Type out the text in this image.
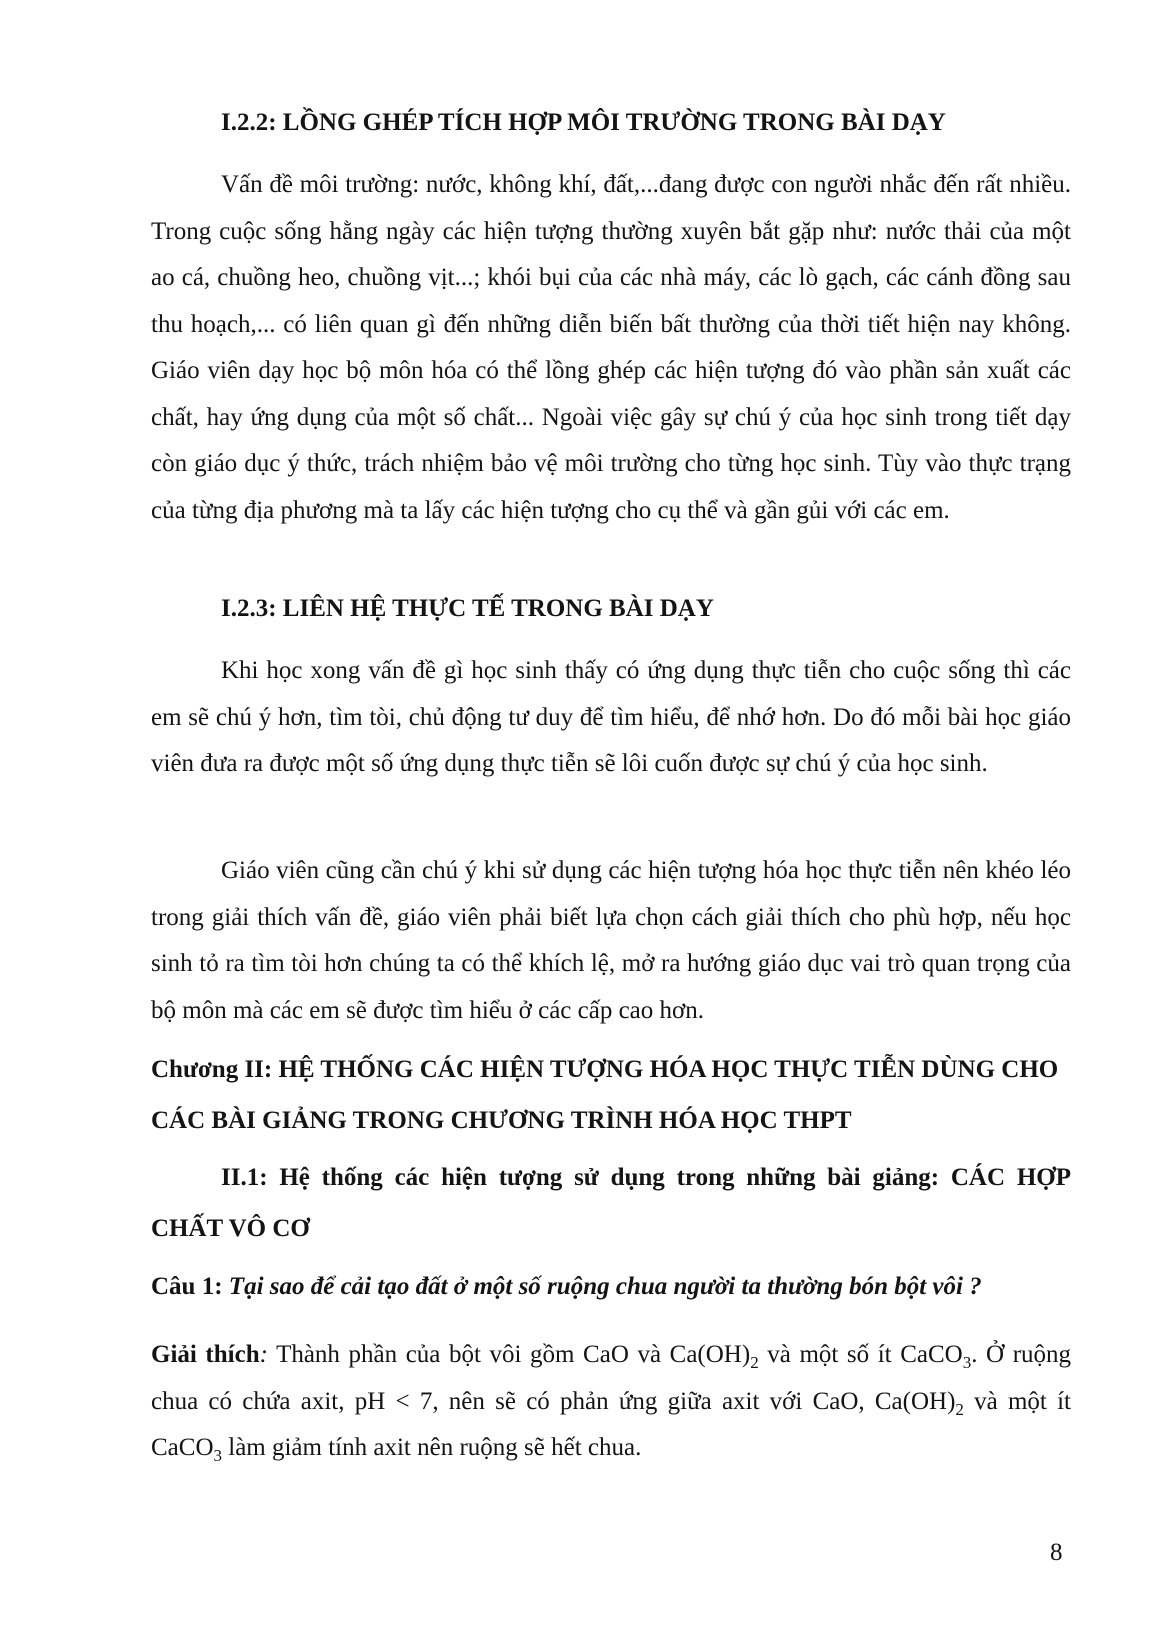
I.2.2: LỒNG GHÉP TÍCH HỢP MÔI TRƯỜNG TRONG BÀI DẠY

Vấn đề môi trường: nước, không khí, đất,...đang được con người nhắc đến rất nhiều. Trong cuộc sống hằng ngày các hiện tượng thường xuyên bắt gặp như: nước thải của một ao cá, chuồng heo, chuồng vịt...; khói bụi của các nhà máy, các lò gạch, các cánh đồng sau thu hoạch,... có liên quan gì đến những diễn biến bất thường của thời tiết hiện nay không. Giáo viên dạy học bộ môn hóa có thể lồng ghép các hiện tượng đó vào phần sản xuất các chất, hay ứng dụng của một số chất... Ngoài việc gây sự chú ý của học sinh trong tiết dạy còn giáo dục ý thức, trách nhiệm bảo vệ môi trường cho từng học sinh. Tùy vào thực trạng của từng địa phương mà ta lấy các hiện tượng cho cụ thể và gần gủi với các em.

I.2.3: LIÊN HỆ THỰC TẾ TRONG BÀI DẠY

Khi học xong vấn đề gì học sinh thấy có ứng dụng thực tiễn cho cuộc sống thì các em sẽ chú ý hơn, tìm tòi, chủ động tư duy để tìm hiểu, để nhớ hơn. Do đó mỗi bài học giáo viên đưa ra được một số ứng dụng thực tiễn sẽ lôi cuốn được sự chú ý của học sinh.

Giáo viên cũng cần chú ý khi sử dụng các hiện tượng hóa học thực tiễn nên khéo léo trong giải thích vấn đề, giáo viên phải biết lựa chọn cách giải thích cho phù hợp, nếu học sinh tỏ ra tìm tòi hơn chúng ta có thể khích lệ, mở ra hướng giáo dục vai trò quan trọng của bộ môn mà các em sẽ được tìm hiểu ở các cấp cao hơn.

Chương II: HỆ THỐNG CÁC HIỆN TƯỢNG HÓA HỌC THỰC TIỄN DÙNG CHO CÁC BÀI GIẢNG TRONG CHƯƠNG TRÌNH HÓA HỌC THPT

II.1: Hệ thống các hiện tượng sử dụng trong những bài giảng: CÁC HỢP CHẤT VÔ CƠ

Câu 1: Tại sao để cải tạo đất ở một số ruộng chua người ta thường bón bột vôi ?

Giải thích: Thành phần của bột vôi gồm CaO và $Ca(OH)_2$ và một số ít CaCO$_3$. Ở ruộng chua có chứa axit, pH < 7, nên sẽ có phản ứng giữa axit với CaO, $Ca(OH)_2$ và một ít CaCO$_3$ làm giảm tính axit nên ruộng sẽ hết chua.

8
